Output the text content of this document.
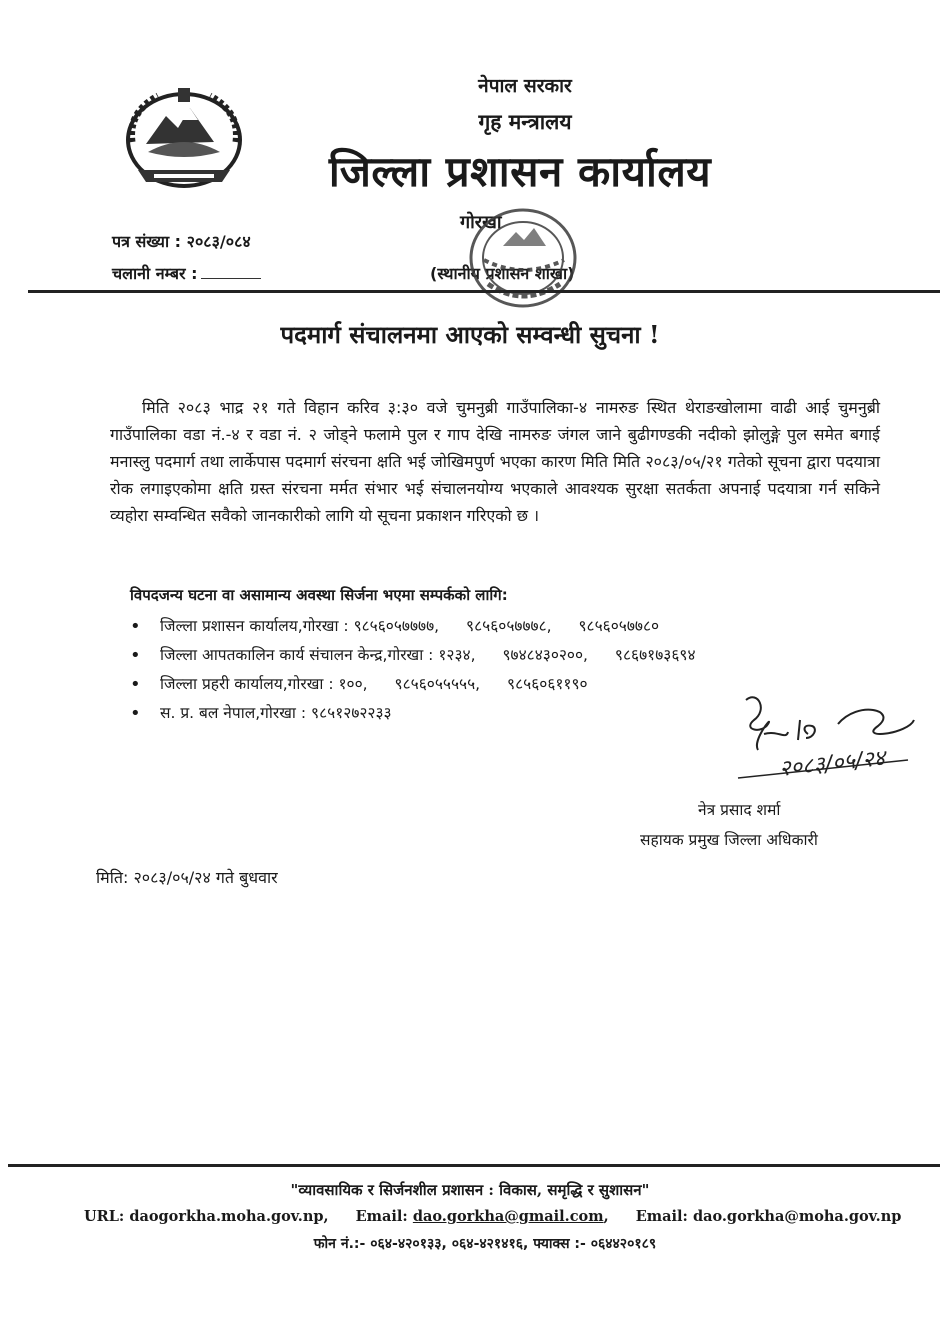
नेपाल सरकार
गृह मन्त्रालय
जिल्ला प्रशासन कार्यालय
गोरखा
(स्थानीय प्रशासन शाखा)
पत्र संख्या : २०८३/०८४
चलानी नम्बर :
पदमार्ग संचालनमा आएको सम्वन्धी सुचना !

मिति २०८३ भाद्र २१ गते विहान करिव ३:३० वजे चुमनुब्री गाउँपालिका-४ नामरुङ स्थित थेराङखोलामा वाढी आई चुमनुब्री गाउँपालिका वडा नं.-४ र वडा नं. २ जोड्ने फलामे पुल र गाप देखि नामरुङ जंगल जाने बुढीगण्डकी नदीको झोलुङ्गे पुल समेत बगाई मनास्लु पदमार्ग तथा लार्केपास पदमार्ग संरचना क्षति भई जोखिमपुर्ण भएका कारण मिति मिति २०८३/०५/२१ गतेको सूचना द्वारा पदयात्रा रोक लगाइएकोमा क्षति ग्रस्त संरचना मर्मत संभार भई संचालनयोग्य भएकाले आवश्यक सुरक्षा सतर्कता अपनाई पदयात्रा गर्न सकिने व्यहोरा सम्वन्धित सवैको जानकारीको लागि यो सूचना प्रकाशन गरिएको छ ।

विपदजन्य घटना वा असामान्य अवस्था सिर्जना भएमा सम्पर्कको लागि:
• जिल्ला प्रशासन कार्यालय,गोरखा : ९८५६०५७७७७, ९८५६०५७७७८, ९८५६०५७७८०
• जिल्ला आपतकालिन कार्य संचालन केन्द्र,गोरखा : १२३४, ९७४८४३०२००, ९८६७१७३६९४
• जिल्ला प्रहरी कार्यालय,गोरखा : १००, ९८५६०५५५५५, ९८५६०६११९०
• स. प्र. बल नेपाल,गोरखा : ९८५१२७२२३३
२०८३/०५/२४
नेत्र प्रसाद शर्मा
सहायक प्रमुख जिल्ला अधिकारी
मिति: २०८३/०५/२४ गते बुधवार
"व्यावसायिक र सिर्जनशील प्रशासन : विकास, समृद्धि र सुशासन"
URL: daogorkha.moha.gov.np, Email: dao.gorkha@gmail.com, Email: dao.gorkha@moha.gov.np
फोन नं.:- ०६४-४२०१३३, ०६४-४२१४१६, फ्याक्स :- ०६४४२०१८९
